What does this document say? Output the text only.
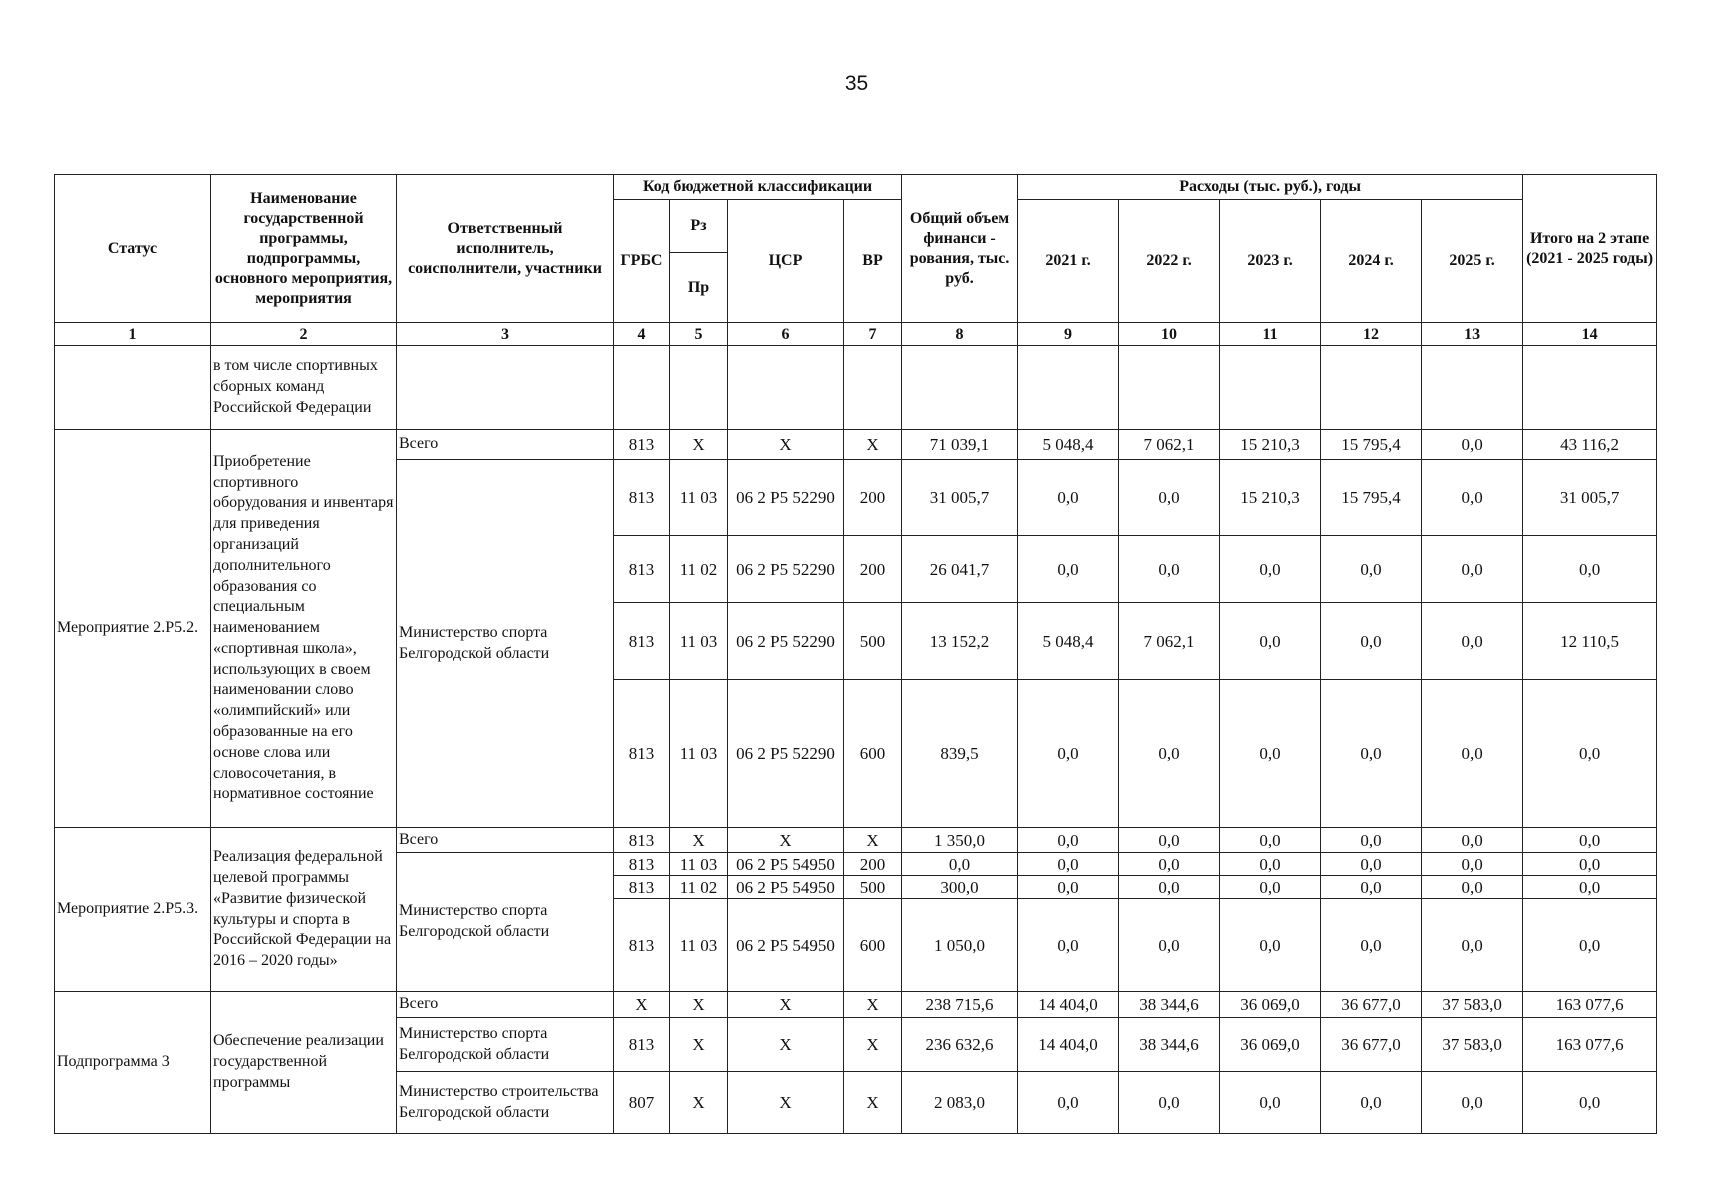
35
Статус	Наименование государственной программы, подпрограммы, основного мероприятия, мероприятия	Ответственный исполнитель, соисполнители, участники	Код бюджетной классификации				Общий объем финанси - рования, тыс. руб.	Расходы (тыс. руб.), годы					Итого на 2 этапе (2021 - 2025 годы)
			ГРБС	Рз	ЦСР	ВР		2021 г.	2022 г.	2023 г.	2024 г.	2025 г.	
				Пр									
1	2	3	4	5	6	7	8	9	10	11	12	13	14
	в том числе спортивных сборных команд Российской Федерации												
Мероприятие 2.Р5.2.	Приобретение спортивного оборудования и инвентаря для приведения организаций дополнительного образования со специальным наименованием «спортивная школа», использующих в своем наименовании слово «олимпийский» или образованные на его основе слова или словосочетания, в нормативное состояние	Всего	813	X	X	X	71 039,1	5 048,4	7 062,1	15 210,3	15 795,4	0,0	43 116,2
		Министерство спорта Белгородской области	813	11 03	06 2 Р5 52290	200	31 005,7	0,0	0,0	15 210,3	15 795,4	0,0	31 005,7
			813	11 02	06 2 Р5 52290	200	26 041,7	0,0	0,0	0,0	0,0	0,0	0,0
			813	11 03	06 2 Р5 52290	500	13 152,2	5 048,4	7 062,1	0,0	0,0	0,0	12 110,5
			813	11 03	06 2 Р5 52290	600	839,5	0,0	0,0	0,0	0,0	0,0	0,0
Мероприятие 2.Р5.3.	Реализация федеральной целевой программы «Развитие физической культуры и спорта в Российской Федерации на 2016 – 2020 годы»	Всего	813	X	X	X	1 350,0	0,0	0,0	0,0	0,0	0,0	0,0
		Министерство спорта Белгородской области	813	11 03	06 2 Р5 54950	200	0,0	0,0	0,0	0,0	0,0	0,0	0,0
			813	11 02	06 2 Р5 54950	500	300,0	0,0	0,0	0,0	0,0	0,0	0,0
			813	11 03	06 2 Р5 54950	600	1 050,0	0,0	0,0	0,0	0,0	0,0	0,0
Подпрограмма 3	Обеспечение реализации государственной программы	Всего	X	X	X	X	238 715,6	14 404,0	38 344,6	36 069,0	36 677,0	37 583,0	163 077,6
		Министерство спорта Белгородской области	813	X	X	X	236 632,6	14 404,0	38 344,6	36 069,0	36 677,0	37 583,0	163 077,6
		Министерство строительства Белгородской области	807	X	X	X	2 083,0	0,0	0,0	0,0	0,0	0,0	0,0
